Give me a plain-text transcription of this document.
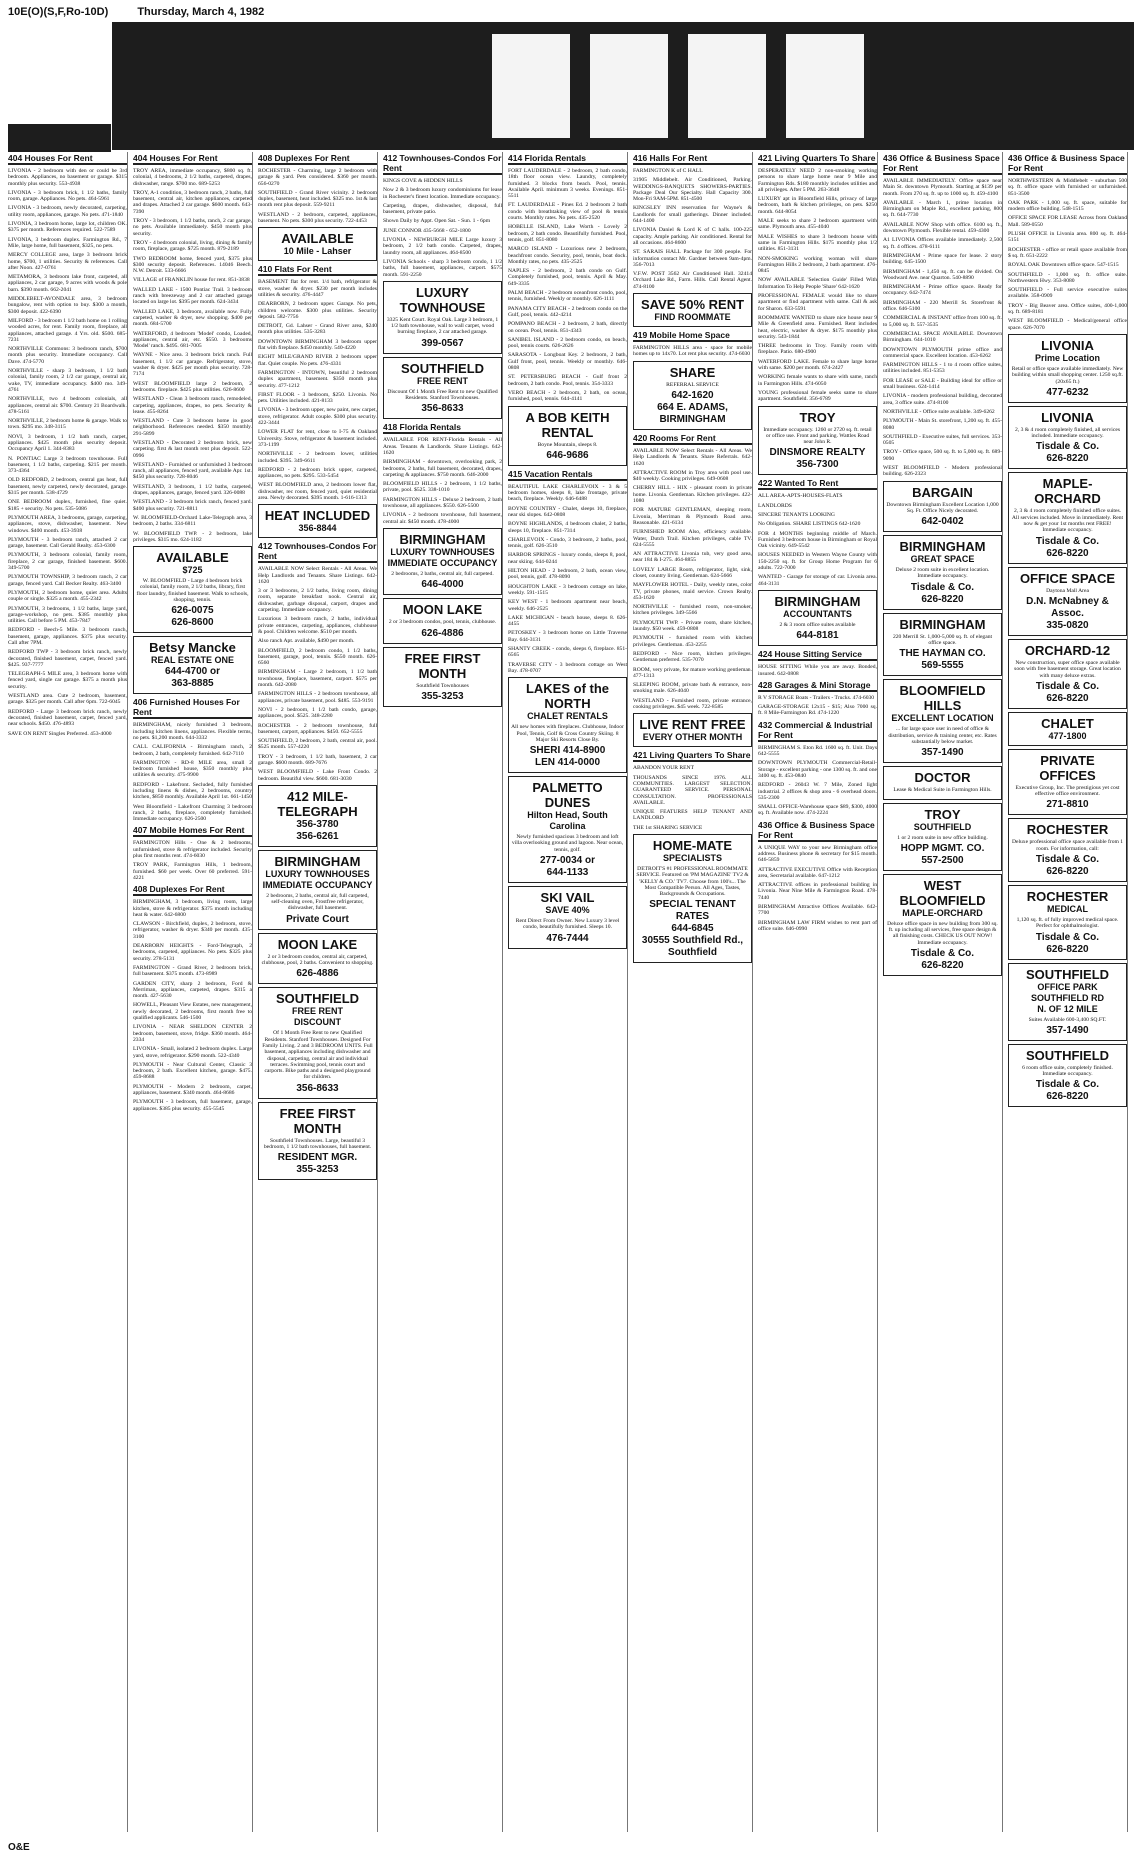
10E(O)(S,F,Ro-10D)	Thursday, March 4, 1982
404 Houses For Rent
LIVONIA - 2 bedroom with den or could be 3rd bedroom. Appliances, no basement or garage. $315 monthly plus security. 553-4938
LIVONIA - 3 bedroom brick, 1 1/2 baths, family room, garage. Appliances. No pets. 464-5961
LIVONIA - 3 bedroom, newly decorated, carpeting, utility room, appliances, garage. No pets. 471-1840
LIVONIA, 3 bedroom home, large lot, children OK. $375 per month. References required. 522-7589
LIVONIA, 3 bedroom duplex. Farmington Rd., 7 Mile, large home, full basement, $325, no pets.
MERCY COLLEGE area, large 3 bedroom brick home, $700, 1 utilities. Security & references. Call after Noon. 427-0761
METAMORA, 3 bedroom lake front, carpeted, all appliances, 2 car garage, 9 acres with woods & pole barn. $390 month. 662-2041
MIDDLEBELT-AVONDALE area, 3 bedroom bungalow, rent with option to buy. $300 a month, $300 deposit. 422-6390
MILFORD - 3 bedroom 1 1/2 bath home on 1 rolling wooded acres, for rent. Family room, fireplace, all appliances, attached garage. 4 Yrs. old. $500. 685-7231
NORTHVILLE Commons: 3 bedroom ranch, $700 month plus security. Immediate occupancy. Call Dave. 474-5770
NORTHVILLE - sharp 3 bedroom, 1 1/2 bath colonial, family room, 2 1/2 car garage, central air, wake, TV, immediate occupancy. $400 mo. 349-4761
NORTHVILLE, two 4 bedroom colonials, all appliances, central air. $700. Century 21 Boardwalk. 478-5161
NORTHVILLE, 2 bedroom home & garage. Walk to town. $295 mo. 348-3115
NOVI, 3 bedroom, 1 1/2 bath ranch, carpet, appliances. $425 month plus security deposit. Occupancy April 1. 344-8383
N. PONTIAC Large 3 bedroom townhouse. Full basement, 1 1/2 baths, carpeting. $215 per month. 373-4364
OLD REDFORD, 2 bedroom, central gas heat, full basement, newly carpeted, newly decorated, garage. $315 per month. 538-4729
ONE BEDROOM duplex, furnished, fine quiet. $185 + security. No pets. 535-5086
PLYMOUTH AREA, 3 bedrooms, garage, carpeting, appliances, stove, dishwasher, basement. New windows. $400 month. 453-3938
PLYMOUTH - 3 bedroom ranch, attached 2 car garage, basement. Call Gerald Realty. 453-6300
PLYMOUTH, 3 bedroom colonial, family room, fireplace, 2 car garage, finished basement. $600. 349-5700
PLYMOUTH TOWNSHIP, 3 bedroom ranch, 2 car garage, fenced yard. Call Becker Realty. 463-3400
PLYMOUTH, 2 bedroom home, quiet area. Adults couple or single. $325 a month. 455-2342
PLYMOUTH, 3 bedrooms, 1 1/2 baths, large yard, garage-workshop, no pets. $385 monthly plus utilities. Call before 5 PM. 453-7847
REDFORD - Beech-5 Mile. 3 bedroom ranch, basement, garage, appliances. $375 plus security. Call after 7PM.
REDFORD TWP - 3 bedroom brick ranch, newly decorated, finished basement, carpet, fenced yard. $425. 937-7777
TELEGRAPH-5 MILE area, 3 bedroom home with fenced yard, single car garage. $375 a month plus security.
WESTLAND area. Cute 2 bedroom, basement, garage. $325 per month. Call after 6pm. 722-6045
REDFORD - Large 3 bedroom brick ranch, newly decorated, finished basement, carpet, fenced yard, near schools. $450. 476-4893
SAVE ON RENT Singles Preferred. 453-4000
404 Houses For Rent
TROY AREA, immediate occupancy, $800 sq. ft. colonial, 4 bedrooms, 2 1/2 baths, carpeted, drapes, dishwasher, range. $700 mo. 689-5253
TROY, A-1 condition, 3 bedroom ranch, 2 baths, full basement, central air, kitchen appliances, carpeted and drapes. Attached 2 car garage. $600 month. 643-7390
TROY - 3 bedroom, 1 1/2 baths, ranch, 2 car garage, no pets. Available immediately. $450 month plus security.
TROY - 4 bedroom colonial, living, dining & family room, fireplace, garage. $725 month. 879-2189
TWO BEDROOM home, fenced yard, $375 plus $300 security deposit. References. 14046 Beech. N.W. Detroit. 533-6666
VILLAGE of FRANKLIN house for rent. 851-3838
WALLED LAKE - 1500 Pontiac Trail. 3 bedroom ranch with breezeway and 2 car attached garage located on large lot. $395 per month. 624-3434
WALLED LAKE, 3 bedroom, available now. Fully carpeted, washer & dryer, new shopping. $400 per month. 684-5700
WATERFORD, 4 bedroom 'Model' condo, Loaded, appliances, central air, etc. $550. 3 bedrooms 'Model' ranch. $495. 681-7005
WAYNE - Nice area. 3 bedroom brick ranch. Full basement, 1 1/2 car garage. Refrigerator, stove, washer & dryer. $425 per month plus security. 728-7174
WEST BLOOMFIELD large 2 bedroom, 2 bedrooms. fireplace. $425 plus utilities. 626-8600
WESTLAND - Clean 3 bedroom ranch, remodeled, carpeting, appliances, drapes, no pets. Security & lease. 455-8264
WESTLAND - Cute 3 bedroom home in good neighborhood. References needed. $350 monthly. 291-5899
WESTLAND - Decorated 2 bedroom brick, new carpeting. first & last month rent plus deposit. 522-0996
WESTLAND - Furnished or unfurnished 3 bedroom ranch, all appliances, fenced yard, available Apr. 1st. $450 plus security. 728-8046
WESTLAND, 3 bedroom, 1 1/2 baths, carpeted, drapes, appliances, garage, fenced yard. 326-0088
WESTLAND - 3 bedroom brick ranch, fenced yard. $400 plus security. 721-8811
W. BLOOMFIELD-Orchard Lake-Telegraph area, 3 bedroom, 2 baths. 334-6811
W. BLOOMFIELD TWP. - 2 bedroom, lake privileges. $315 mo. 624-1182
AVAILABLE
$725
W. BLOOMFIELD - Large 4 bedroom brick colonial, family room, 2 1/2 baths, library, first floor laundry, finished basement. Walk to schools, shopping, tennis.
626-0075
626-8600
Betsy Mancke
REAL ESTATE ONE
644-4700 or
363-8885
406 Furnished Houses For Rent
BIRMINGHAM, nicely furnished 3 bedroom, including kitchen linens, appliances. Flexible terms, no pets. $1,200 month. 644-3332
CALL CALIFORNIA - Birmingham ranch, 2 bedroom, 2 bath, completely furnished. 642-7110
FARMINGTON - RD-8 MILE area, small 2 bedroom furnished house, $350 monthly plus utilities & security. 475-9900
REDFORD - Lakefront. Secluded, fully furnished including linens & dishes, 2 bedrooms, country kitchen, $850 monthly. Available April 1st. 661-1450
West Bloomfield - Lakefront Charming 3 bedroom ranch, 2 baths, fireplace, completely furnished. Immediate occupancy. 626-2500
407 Mobile Homes For Rent
FARMINGTON Hills - One & 2 bedrooms, unfurnished, stove & refrigerator included. Security plus first months rent. 474-6030
TROY PARK, Farmington Hills, 1 bedroom, furnished. $60 per week. Over 60 preferred. 591-4221
408 Duplexes For Rent
BIRMINGHAM, 3 bedroom, living room, large kitchen, stove & refrigerator. $375 month including heat & water. 642-6800
CLAWSON - Birchfield, duplex, 2 bedroom, stove, refrigerator, washer & dryer. $340 per month. 435-3100
DEARBORN HEIGHTS - Ford-Telegraph, 2 bedrooms, carpeted, appliances. No pets. $325 plus security. 278-5131
FARMINGTON - Grand River, 2 bedroom brick, full basement. $375 month. 473-8989
GARDEN CITY, sharp 2 bedroom, Ford & Merriman, appliances, carpeted, drapes. $315 a month. 427-5630
HOWELL, Pleasant View Estates, new management, newly decorated, 2 bedrooms, first month free to qualified applicants. 546-1500
LIVONIA - NEAR SHELDON CENTER 2 bedroom, basement, stove, fridge. $360 month. 464-2334
LIVONIA - Small, isolated 2 bedroom duplex. Large yard, stove, refrigerator. $290 month. 522-4340
PLYMOUTH - Near Cultural Center, Classic 3 bedroom, 2 bath. Excellent kitchen, garage. $475. 459-8688
PLYMOUTH - Modern 2 bedroom, carpet, appliances, basement. $340 month. 464-8686
PLYMOUTH - 3 bedroom, full basement, garage, appliances. $385 plus security. 455-5545
408 Duplexes For Rent
ROCHESTER - Charming, large 2 bedroom with garage & yard. Pets considered. $360 per month. 656-0270
SOUTHFIELD - Grand River vicinity. 2 bedroom duplex, basement, heat included. $325 mo. 1st & last month rent plus deposit. 559-9211
WESTLAND - 2 bedroom, carpeted, appliances, basement. No pets. $300 plus security. 722-4453
AVAILABLE
10 Mile - Lahser
410 Flats For Rent
BASEMENT flat for rent. 1/4 bath, refrigerator & stove, washer & dryer. $230 per month includes utilities & security. 476-4447
DEARBORN, 2 bedroom upper. Garage. No pets, children welcome. $300 plus utilities. Security deposit. 582-7756
DETROIT, Gd. Lahser - Grand River area, $240 month plus utilities. 535-3283
DOWNTOWN BIRMINGHAM 3 bedroom upper flat with fireplace. $450 monthly. 540-4220
EIGHT MILE/GRAND RIVER 2 bedroom upper flat. Quiet couple. No pets. 476-4331
FARMINGTON - INTOWN, beautiful 2 bedroom duplex apartment, basement. $350 month plus security. 477-1212
FIRST FLOOR - 3 bedroom, $250. Livonia. No pets. Utilities included. 421-8133
LIVONIA - 3 bedroom upper, new paint, new carpet, stove, refrigerator. Adult couple. $300 plus security. 422-3444
LOWER FLAT for rent, close to I-75 & Oakland University. Stove, refrigerator & basement included. 373-1199
NORTHVILLE - 2 bedroom lower, utilities included. $395. 349-6611
REDFORD - 2 bedroom brick upper, carpeted, appliances, no pets. $295. 533-5454
WEST BLOOMFIELD area, 2 bedroom lower flat, dishwasher, rec room, fenced yard, quiet residential area. Newly decorated. $395 month. 1-616-1313
HEAT INCLUDED
356-8844
412 Townhouses-Condos For Rent
AVAILABLE NOW Select Rentals - All Areas. We Help Landlords and Tenants. Share Listings. 642-1620
3 or 3 bedrooms, 2 1/2 baths, living room, dining room, separate breakfast nook. Central air, dishwasher, garbage disposal, carport, drapes and carpeting. Immediate occupancy.
Luxurious 3 bedroom ranch, 2 baths, individual private entrances, carpeting, appliances, clubhouse & pool. Children welcome. $510 per month.
Also ranch Apt. available, $490 per month.
BLOOMFIELD, 2 bedroom condo, 1 1/2 baths, basement, garage, pool, tennis. $550 month. 626-6560
BIRMINGHAM - Large 2 bedroom, 1 1/2 bath townhouse, fireplace, basement, carport. $575 per month. 642-2080
FARMINGTON HILLS - 2 bedroom townhouse, all appliances, private basement, pool. $485. 553-9191
NOVI - 2 bedroom, 1 1/2 bath condo, garage, appliances, pool. $525. 348-2280
ROCHESTER - 2 bedroom townhouse, full basement, carport, appliances. $450. 652-5555
SOUTHFIELD, 2 bedroom, 2 bath, central air, pool. $525 month. 557-4220
TROY - 3 bedroom, 1 1/2 bath, basement, 2 car garage. $600 month. 689-7676
WEST BLOOMFIELD - Lake Front Condo. 2 bedroom. Beautiful view. $600. 681-3030
412 MILE-TELEGRAPH
356-3780
356-6261
BIRMINGHAM
LUXURY TOWNHOUSES
IMMEDIATE OCCUPANCY
2 bedrooms, 2 baths, central air, full carpeted, self-cleaning oven, Frostfree refrigerator, dishwasher, full basement.
Private Court
MOON LAKE
2 or 3 bedroom condos, central air, carpeted, clubhouse, pool, 2 baths. Convenient to shopping.
626-4886
SOUTHFIELD
FREE RENT
DISCOUNT
Of 1 Month Free Rent to new Qualified Residents. Stanford Townhouses. Designed For Family Living. 2 and 3 BEDROOM UNITS. Full basement, appliances including dishwasher and disposal, carpeting, central air and individual terraces. Swimming pool, tennis court and carports. Bike paths and a designed playground for children.
356-8633
FREE FIRST MONTH
Southfield Townhouses. Large, beautiful 3 bedroom, 1 1/2 bath townhouses, full basement.
RESIDENT MGR.
355-3253
412 Townhouses-Condos For Rent
KINGS COVE & HIDDEN HILLS
Now 2 & 3 bedroom luxury condominiums for lease in Rochester's finest location. Immediate occupancy.
Carpeting, drapes, dishwasher, disposal, full basement, private patio.
Shown Daily by Appt. Open Sat. - Sun. 1 - 6pm
JUNE CONNOR 435-5668 - 652-1800
LIVONIA - NEWBURGH MILE Large luxury 3 bedroom, 2 1/2 bath condo. Carpeted, drapes, laundry room, all appliances. 464-8500
LIVONIA Schools - sharp 3 bedroom condo, 1 1/2 baths, full basement, appliances, carport. $575 month. 591-2250
LUXURY TOWNHOUSE
3325 Kent Court. Royal Oak. Large 3 bedroom, 1 1/2 bath townhouse, wall to wall carpet, wood burning fireplace, 2 car attached garage.
399-0567
SOUTHFIELD
FREE RENT
Discount Of 1 Month Free Rent to new Qualified Residents. Stanford Townhouses.
356-8633
418 Florida Rentals
AVAILABLE FOR RENT-Florida Rentals - All Areas. Tenants & Landlords. Share Listings. 642-1620
BIRMINGHAM - downtown, overlooking park, 2 bedrooms, 2 baths, full basement, decorated, drapes, carpeting & appliances. $750 month. 646-2000
BLOOMFIELD HILLS - 2 bedroom, 1 1/2 baths, private, pool. $525. 338-1010
FARMINGTON HILLS - Deluxe 2 bedroom, 2 bath townhouse, all appliances. $550. 626-5500
LIVONIA - 2 bedroom townhouse, full basement, central air. $450 month. 478-4000
BIRMINGHAM
LUXURY TOWNHOUSES
IMMEDIATE OCCUPANCY
2 bedrooms, 2 baths, central air, full carpeted.
646-4000
MOON LAKE
2 or 3 bedroom condos, pool, tennis, clubhouse.
626-4886
FREE FIRST MONTH
Southfield Townhouses
355-3253
414 Florida Rentals
FORT LAUDERDALE - 2 bedroom, 2 bath condo, 18th floor ocean view. Laundry, completely furnished. 3 blocks from beach. Pool, tennis. Available April. minimum 3 weeks. Evenings. 851-5511
FT. LAUDERDALE - Pines Ed. 2 bedroom 2 bath condo with breathtaking view of pool & tennis courts. Monthly rates. No pets. 435-2520
HOBELLE ISLAND, Lake Worth - Lovely 2 bedroom, 2 bath condo. Beautifully furnished. Pool, tennis, golf. 851-8080
MARCO ISLAND - Luxurious new 2 bedroom, beachfront condo. Security, pool, tennis, boat dock. Monthly rates, no pets. 435-2525
NAPLES - 2 bedroom, 2 bath condo on Gulf. Completely furnished, pool, tennis. April & May. 649-3335
PALM BEACH - 2 bedroom oceanfront condo, pool, tennis, furnished. Weekly or monthly. 626-1111
PANAMA CITY BEACH - 2 bedroom condo on the Gulf, pool, tennis. 442-4214
POMPANO BEACH - 2 bedroom, 2 bath, directly on ocean. Pool, tennis. 851-4343
SANIBEL ISLAND - 2 bedroom condo, on beach, pool, tennis courts. 626-2626
SARASOTA - Longboat Key. 2 bedroom, 2 bath, Gulf front, pool, tennis. Weekly or monthly. 646-0808
ST. PETERSBURG BEACH - Gulf front 2 bedroom, 2 bath condo. Pool, tennis. 354-3333
VERO BEACH - 2 bedroom, 2 bath, on ocean, furnished, pool, tennis. 644-4141
A BOB KEITH RENTAL
Boyne Mountain, sleeps 8.
646-9686
415 Vacation Rentals
BEAUTIFUL LAKE CHARLEVOIX - 3 & 5 bedroom homes, sleeps 8, lake frontage, private beach, fireplace. Weekly. 646-6488
BOYNE COUNTRY - Chalet, sleeps 10, fireplace, near ski slopes. 642-0808
BOYNE HIGHLANDS, 4 bedroom chalet, 2 baths, sleeps 10, fireplace. 851-7314
CHARLEVOIX - Condo, 3 bedroom, 2 baths, pool, tennis, golf. 626-3510
HARBOR SPRINGS - luxury condo, sleeps 8, pool, near skiing. 644-0244
HILTON HEAD - 2 bedroom, 2 bath, ocean view, pool, tennis, golf. 478-8090
HOUGHTON LAKE - 3 bedroom cottage on lake, weekly. 591-1515
KEY WEST - 1 bedroom apartment near beach, weekly. 646-2525
LAKE MICHIGAN - beach house, sleeps 8. 626-4455
PETOSKEY - 3 bedroom home on Little Traverse Bay. 644-3131
SHANTY CREEK - condo, sleeps 6, fireplace. 851-6565
TRAVERSE CITY - 3 bedroom cottage on West Bay. 478-0707
LAKES of the NORTH
CHALET RENTALS
All new homes with fireplaces. Clubhouse, Indoor Pool, Tennis, Golf & Cross Country Skiing. 8 Major Ski Resorts Close By.
SHERI 414-8900
LEN 414-0000
PALMETTO DUNES
Hilton Head, South Carolina
Newly furnished spacious 3 bedroom and loft villa overlooking ground and lagoon. Near ocean, tennis, golf.
277-0034 or
644-1133
SKI VAIL
SAVE 40%
Rent Direct From Owner. New Luxury 3 level condo, beautifully furnished. Sleeps 10.
476-7444
416 Halls For Rent
FARMINGTON K of C HALL
31905 Middlebelt. Air Conditioned, Parking. WEDDINGS-BANQUETS SHOWERS-PARTIES. Package Deal Our Specialty. Hall Capacity 300. Mon-Fri 9AM-5PM. 851-4500
KINGSLEY INN reservation for Wayne's & Landlords for small gatherings. Dinner included. 644-1400
LIVONIA Daniel & Lord K of C halls. 100-225 capacity. Ample parking. Air conditioned. Rental for all occasions. 464-8600
ST. SARAIS HALL Package for 300 people. For information contact Mr. Gardner between 9am-4pm. 356-7013
V.F.W. POST 3562 Air Conditioned Hall. 32414 Orchard Lake Rd., Farm. Hills. Call Rental Agent. 474-8100
SAVE 50% RENT
FIND ROOMMATE
419 Mobile Home Space
FARMINGTON HILLS area - space for mobile homes up to 14x70. Lot rent plus security. 474-6030
SHARE
REFERRAL SERVICE
642-1620
664 E. ADAMS, BIRMINGHAM
420 Rooms For Rent
AVAILABLE NOW Select Rentals - All Areas. We Help Landlords & Tenants. Share Referrals. 642-1620
ATTRACTIVE ROOM in Troy area with pool use. $40 weekly. Cooking privileges. 649-0608
CHERRY HILL - HIX - pleasant room in private home. Livonia. Gentleman. Kitchen privileges. 422-1080
FOR MATURE GENTLEMAN, sleeping room, Livonia, Merriman & Plymouth Road area. Reasonable. 421-6134
FURNISHED ROOM Also, efficiency available. Water, Dutch Trail. Kitchen privileges, cable TV. 624-5555
AN ATTRACTIVE Livonia tub, very good area, near 184 & I-275. 464-8855
LOVELY LARGE Room, refrigerator, light, sink, closet, country living. Gentleman. 624-5666
MAYFLOWER HOTEL - Daily, weekly rates, color TV, private phones, maid service. Crown Realty. 453-1620
NORTHVILLE - furnished room, non-smoker, kitchen privileges. 349-5566
PLYMOUTH TWP. - Private room, share kitchen, laundry. $50 week. 459-0808
PLYMOUTH - furnished room with kitchen privileges. Gentleman. 453-2255
REDFORD - Nice room, kitchen privileges. Gentleman preferred. 535-7070
ROOM, very private, for mature working gentleman. 477-1313
SLEEPING ROOM, private bath & entrance, non-smoking male. 626-4040
WESTLAND - Furnished room, private entrance, cooking privileges. $45 week. 722-8585
LIVE RENT FREE
EVERY OTHER MONTH
421 Living Quarters To Share
ABANDON YOUR RENT
THOUSANDS SINCE 1976. ALL COMMUNITIES. LARGEST SELECTION. GUARANTEED SERVICE. PERSONAL CONSULTATION. PROFESSIONALS AVAILABLE.
UNIQUE FEATURES HELP TENANT AND LANDLORD
THE 1st SHARING SERVICE
HOME-MATE
SPECIALISTS
DETROIT'S #1 PROFESSIONAL ROOMMATE SERVICE. Featured on 'PM MAGAZINE' TV2 & 'KELLY & CO.' TV7. Choose from 100's... The Most Compatible Person. All Ages, Tastes, Backgrounds & Occupations.
SPECIAL TENANT RATES
644-6845
30555 Southfield Rd., Southfield
421 Living Quarters To Share
DESPERATELY NEED 2 non-smoking working persons to share large home near 9 Mile and Farmington Rds. $180 monthly includes utilities and all privileges. After 5 PM. 263-3648
LUXURY apt in Bloomfield Hills, privacy of large bedroom, bath & kitchen privileges, on pets. $250 month. 644-8054
MALE seeks to share 2 bedroom apartment with same. Plymouth area. 455-4040
MALE WISHES to share 3 bedroom house with same in Farmington Hills. $175 monthly plus 1/2 utilities. 851-3131
NON-SMOKING working woman will share Farmington Hills 2 bedroom, 2 bath apartment. 476-0845
NOW AVAILABLE 'Selection Guide' Filled With Information To Help People 'Share' 642-1620
PROFESSIONAL FEMALE would like to share apartment or find apartment with same. Call & ask for Sharon. 633-5591
ROOMMATE WANTED to share nice house near 9 Mile & Greenfield area. Furnished. Rent includes heat, electric, washer & dryer. $175 monthly plus security. 543-1844
THREE bedrooms in Troy. Family room with fireplace. Patio. 680-4900
WATERFORD LAKE. Female to share large home with same. $200 per month. 674-2427
WORKING female wants to share with same, ranch in Farmington Hills. 474-6050
YOUNG professional female seeks same to share apartment. Southfield. 356-6789
TROY
Immediate occupancy. 1260 or 2720 sq. ft. retail or office use. Front and parking. Wattles Road near John R.
DINSMORE REALTY
356-7300
422 Wanted To Rent
ALL AREA-APTS-HOUSES-FLATS
LANDLORDS
SINCERE TENANTS LOOKING
No Obligation. SHARE LISTINGS 642-1620
FOR 4 MONTHS beginning middle of March. Furnished 3 bedroom house in Birmingham or Royal Oak vicinity. 649-5542
HOUSES NEEDED in Western Wayne County with 150-2250 sq. ft. for Group Home Program for 6 adults. 722-7000
WANTED - Garage for storage of car. Livonia area. 464-3131
BIRMINGHAM
ACCOUNTANTS
2 & 3 room office suites available
644-8181
424 House Sitting Service
HOUSE SITTING While you are away. Bonded, insured. 642-0808
428 Garages & Mini Storage
R V STORAGE Boats - Trailers - Trucks. 474-6030
GARAGE-STORAGE 12x15 - $15; Also 7000 sq. ft. 8 Mile-Farmington Rd. 474-1220
432 Commercial & Industrial For Rent
BIRMINGHAM S. Eton Rd. 1600 sq. ft. Unit. Days 642-5555
DOWNTOWN PLYMOUTH Commercial-Retail-Storage - excellent parking - one 1300 sq. ft. and one 3400 sq. ft. 453-0840
REDFORD - 26043 W. 7 Mile, Zoned light industrial. 2 offices & shop area - 6 overhead doors. 535-2300
SMALL OFFICE-Warehouse space $89, $300, 4000 sq. ft. Available now. 474-2224
436 Office & Business Space For Rent
A UNIQUE WAY to your new Birmingham office address. Business phone & secretary for $15 month. 646-5859
ATTRACTIVE EXECUTIVE Office with Reception area, Secretarial available. 647-1212
ATTRACTIVE offices in professional building in Livonia. Near Nine Mile & Farmington Road. 478-7440
BIRMINGHAM Attractive Offices Available. 642-7700
BIRMINGHAM LAW FIRM wishes to rent part of office suite. 646-0990
436 Office & Business Space For Rent
AVAILABLE IMMEDIATELY. Office space near Main St. downtown Plymouth. Starting at $139 per month. From 270 sq. ft. up to 1000 sq. ft. 459-4100
AVAILABLE - March 1, prime location in Birmingham on Maple Rd., excellent parking, 800 sq. ft. 644-7730
AVAILABLE NOW Shop with office. 6100 sq. ft., downtown Plymouth. Flexible rental. 459-4300
A1 LIVONIA Offices available immediately. 2,500 sq. ft. 4 offices. 478-6111
BIRMINGHAM - Prime space for lease. 2 story building. 645-1500
BIRMINGHAM - 1,450 sq. ft. can be divided. On Woodward Ave. near Quarton. 540-8890
BIRMINGHAM - Prime office space. Ready for occupancy. 642-7474
BIRMINGHAM - 220 Merrill St. Storefront & office. 646-5100
COMMERCIAL & INSTANT office from 100 sq. ft. to 5,000 sq. ft. 557-3535
COMMERCIAL SPACE AVAILABLE. Downtown Birmingham. 644-1010
DOWNTOWN PLYMOUTH prime office and commercial space. Excellent location. 453-6262
FARMINGTON HILLS - 1 to 4 room office suites, utilities included. 851-5353
FOR LEASE or SALE - Building ideal for office or small business. 624-1414
LIVONIA - modern professional building, decorated area, 3 office suite. 474-8100
NORTHVILLE - Office suite available. 349-6262
PLYMOUTH - Main St. storefront, 1,200 sq. ft. 455-8080
SOUTHFIELD - Executive suites, full services. 353-0505
TROY - Office space, 500 sq. ft. to 5,000 sq. ft. 689-9090
WEST BLOOMFIELD - Modern professional building. 626-2323
BARGAIN
Downtown Birmingham Excellent Location 1,000 Sq. Ft. Office Nicely decorated.
642-0402
BIRMINGHAM
GREAT SPACE
Deluxe 2 room suite in excellent location. Immediate occupancy.
Tisdale & Co.
626-8220
BIRMINGHAM
220 Merrill St. 1,000-5,000 sq. ft. of elegant office space.
THE HAYMAN CO.
569-5555
BLOOMFIELD HILLS
EXCELLENT LOCATION
... for large space user in need of office & distribution, service & training center, etc. Rates substantially below market.
357-1490
DOCTOR
Lease & Medical Suite in Farmington Hills.
TROY
SOUTHFIELD
1 or 2 room suite in new office building.
HOPP MGMT. CO.
557-2500
WEST BLOOMFIELD
MAPLE-ORCHARD
Deluxe office space in new building from 300 sq. ft. up including all services, free space design & all finishing costs. CHECK US OUT NOW! Immediate occupancy.
Tisdale & Co.
626-8220
436 Office & Business Space For Rent
NORTHWESTERN & Middlebelt - suburban 500 sq. ft. office space with furnished or unfurnished. 851-3500
OAK PARK - 1,000 sq. ft. space, suitable for modern office building. 548-1515
OFFICE SPACE FOR LEASE Across from Oakland Mall. 589-0550
PLUSH OFFICE in Livonia area. 800 sq. ft. 464-5151
ROCHESTER - office or retail space available from $ sq. ft. 651-2222
ROYAL OAK Downtown office space. 547-1515
SOUTHFIELD - 1,000 sq. ft. office suite. Northwestern Hwy. 353-8080
SOUTHFIELD - Full service executive suites available. 358-0909
TROY - Big Beaver area. Office suites, 400-1,000 sq. ft. 689-8181
WEST BLOOMFIELD - Medical/general office space. 626-7070
LIVONIA
Prime Location
Retail or office space available immediately. New building within small shopping center. 1250 sq.ft. (20x65 ft.)
477-6232
LIVONIA
2, 3 & 4 room completely finished, all services included. Immediate occupancy.
Tisdale & Co.
626-8220
MAPLE-ORCHARD
2, 3 & 4 room completely finished office suites. All services included. Move in immediately. Rent now & get your 1st months rent FREE! Immediate occupancy.
Tisdale & Co.
626-8220
OFFICE SPACE
Daytona Mall Area
D.N. McNabney & Assoc.
335-0820
ORCHARD-12
New construction, super office space available soon with free basement storage. Great location with many deluxe extras.
Tisdale & Co.
626-8220
CHALET
477-1800
PRIVATE OFFICES
Executive Group, Inc. The prestigious yet cost effective office environment.
271-8810
ROCHESTER
Deluxe professional office space available from 1 room. For information, call:
Tisdale & Co.
626-8220
ROCHESTER
MEDICAL
1,120 sq. ft. of fully improved medical space. Perfect for ophthalmologist.
Tisdale & Co.
626-8220
SOUTHFIELD
OFFICE PARK
SOUTHFIELD RD
N. OF 12 MILE
Suites Available 600-3,400 SQ.FT.
357-1490
SOUTHFIELD
6 room office suite, completely finished. Immediate occupancy.
Tisdale & Co.
626-8220
O&E
